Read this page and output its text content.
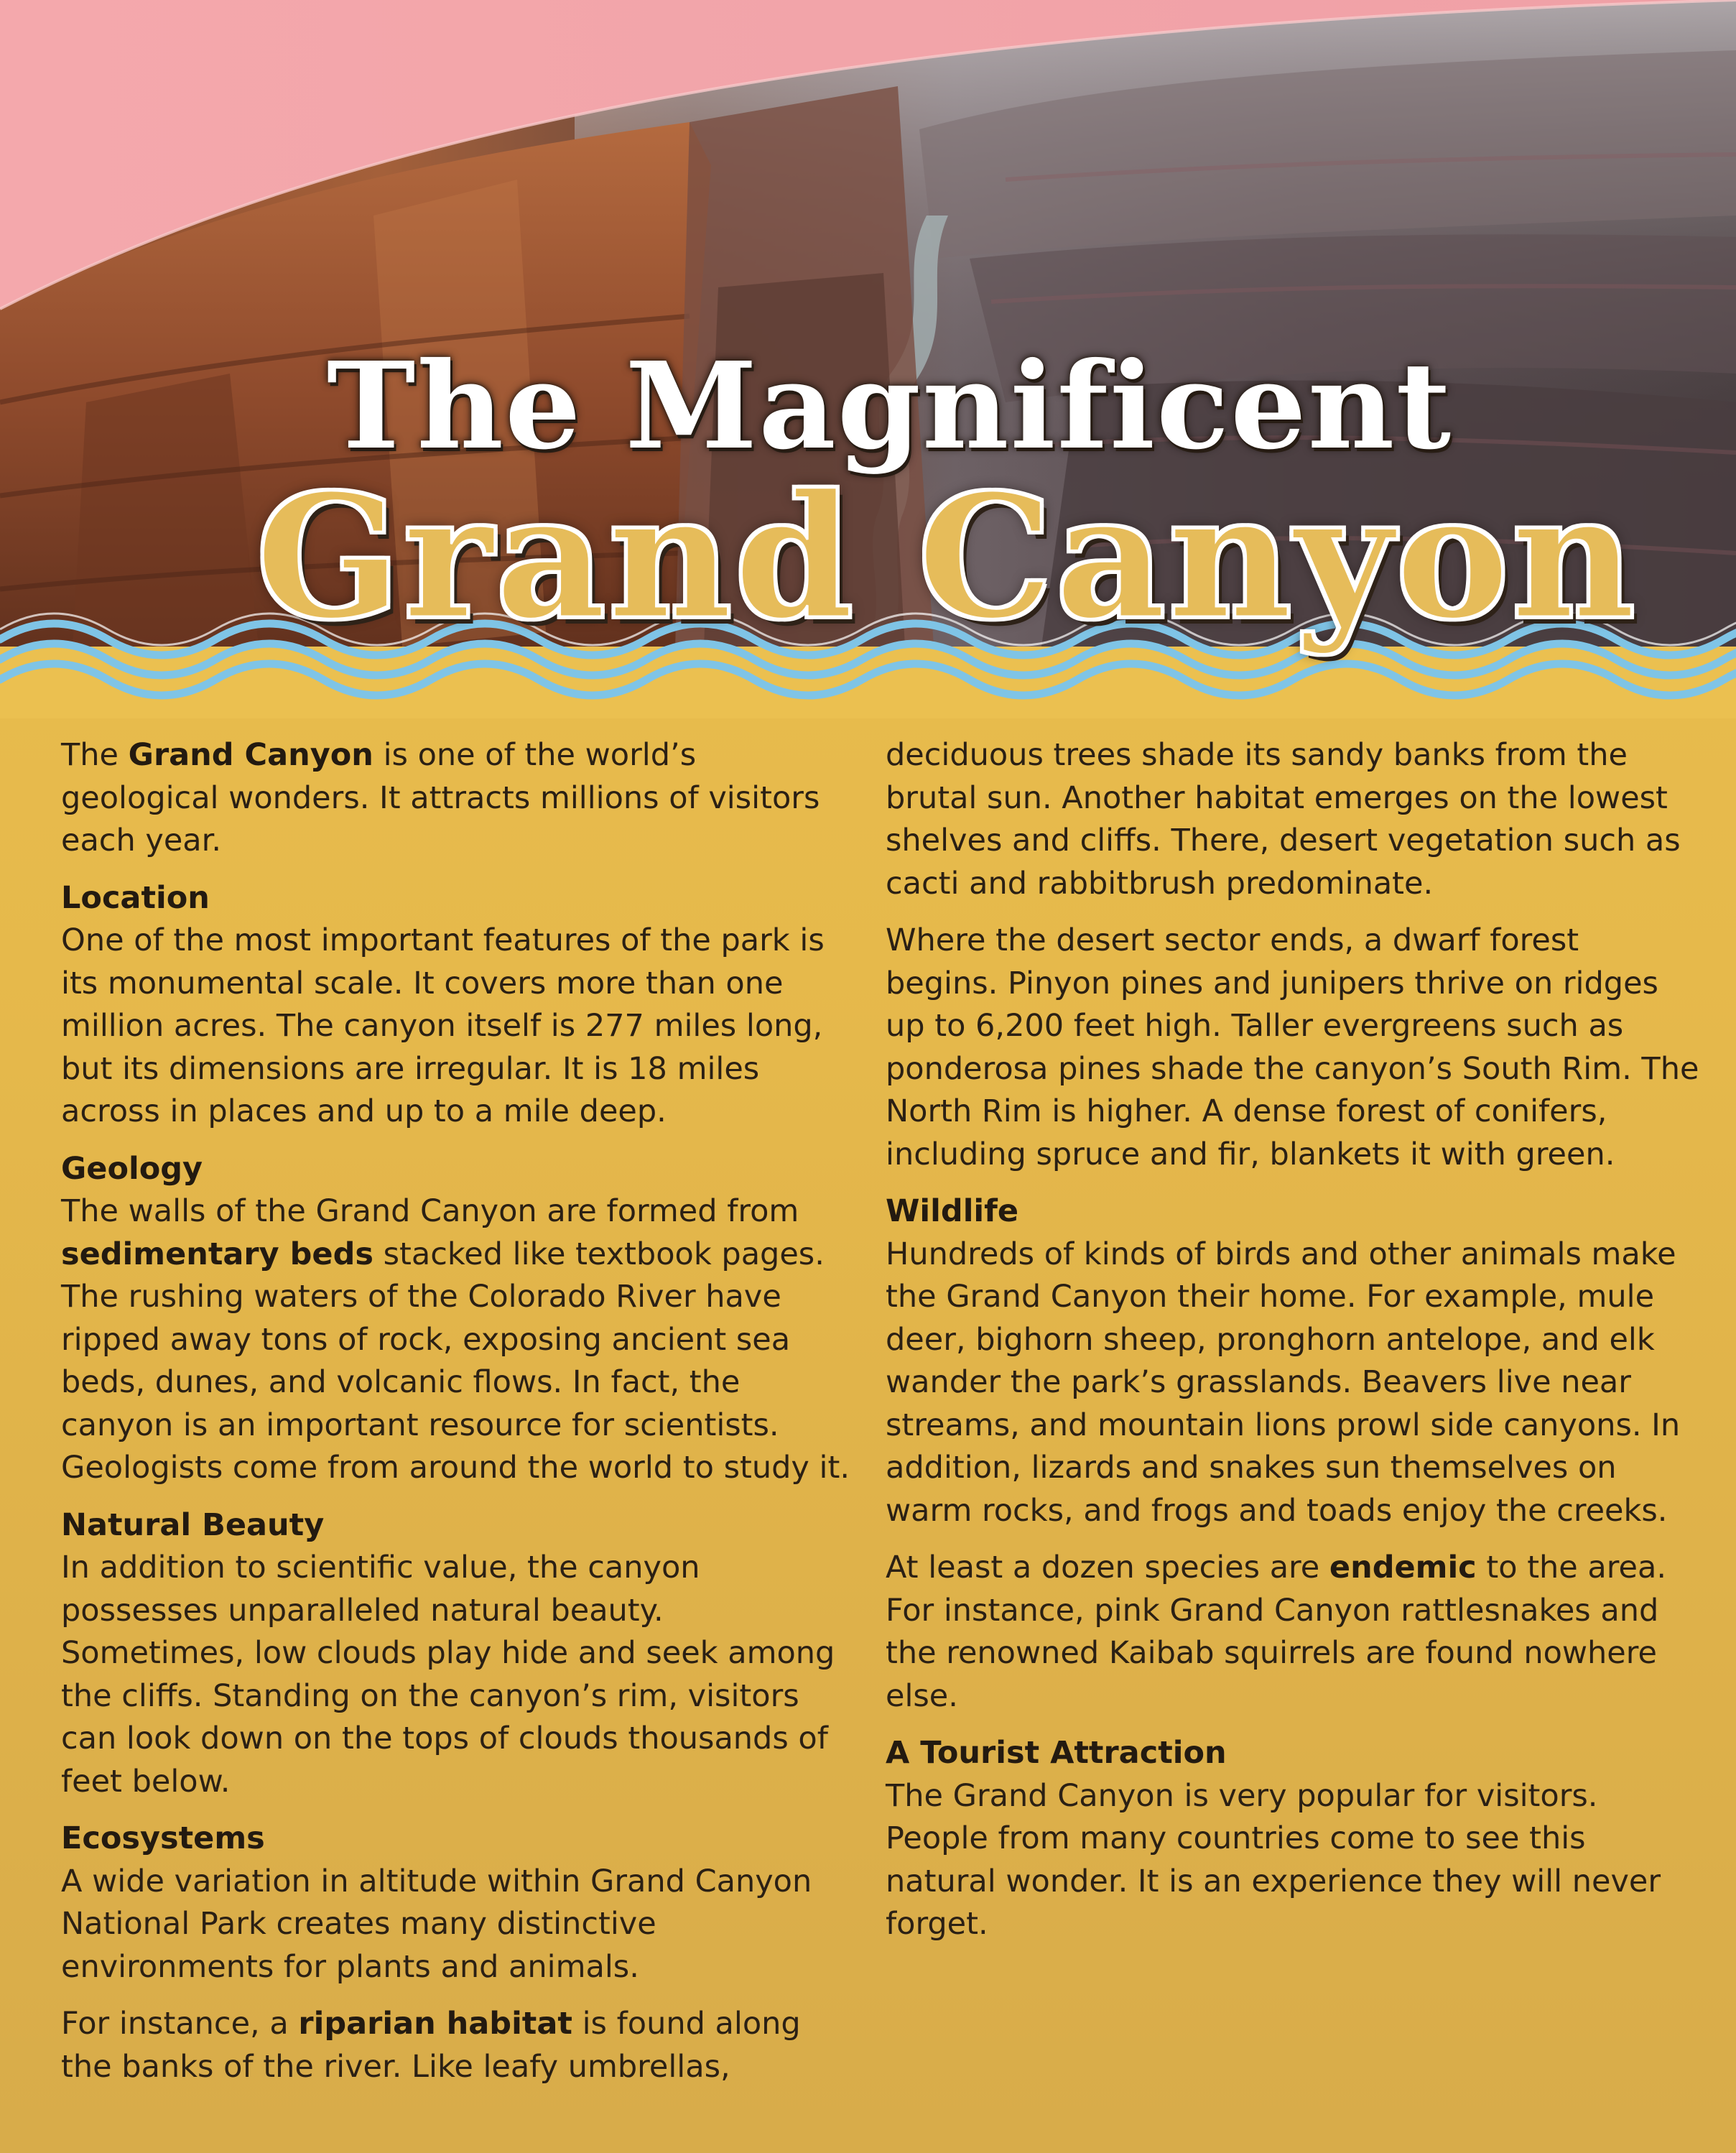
The Magnificent
Grand Canyon

The Grand Canyon is one of the world’s geological wonders. It attracts millions of visitors each year.

Location

One of the most important features of the park is its monumental scale. It covers more than one million acres. The canyon itself is 277 miles long, but its dimensions are irregular. It is 18 miles across in places and up to a mile deep.

Geology

The walls of the Grand Canyon are formed from sedimentary beds stacked like textbook pages. The rushing waters of the Colorado River have ripped away tons of rock, exposing ancient sea beds, dunes, and volcanic flows. In fact, the canyon is an important resource for scientists. Geologists come from around the world to study it.

Natural Beauty

In addition to scientific value, the canyon possesses unparalleled natural beauty. Sometimes, low clouds play hide and seek among the cliffs. Standing on the canyon’s rim, visitors can look down on the tops of clouds thousands of feet below.

Ecosystems

A wide variation in altitude within Grand Canyon National Park creates many distinctive environments for plants and animals.

For instance, a riparian habitat is found along the banks of the river. Like leafy umbrellas,

deciduous trees shade its sandy banks from the brutal sun. Another habitat emerges on the lowest shelves and cliffs. There, desert vegetation such as cacti and rabbitbrush predominate.

Where the desert sector ends, a dwarf forest begins. Pinyon pines and junipers thrive on ridges up to 6,200 feet high. Taller evergreens such as ponderosa pines shade the canyon’s South Rim. The North Rim is higher. A dense forest of conifers, including spruce and fir, blankets it with green.

Wildlife

Hundreds of kinds of birds and other animals make the Grand Canyon their home. For example, mule deer, bighorn sheep, pronghorn antelope, and elk wander the park’s grasslands. Beavers live near streams, and mountain lions prowl side canyons. In addition, lizards and snakes sun themselves on warm rocks, and frogs and toads enjoy the creeks.

At least a dozen species are endemic to the area. For instance, pink Grand Canyon rattlesnakes and the renowned Kaibab squirrels are found nowhere else.

A Tourist Attraction

The Grand Canyon is very popular for visitors. People from many countries come to see this natural wonder. It is an experience they will never forget.
